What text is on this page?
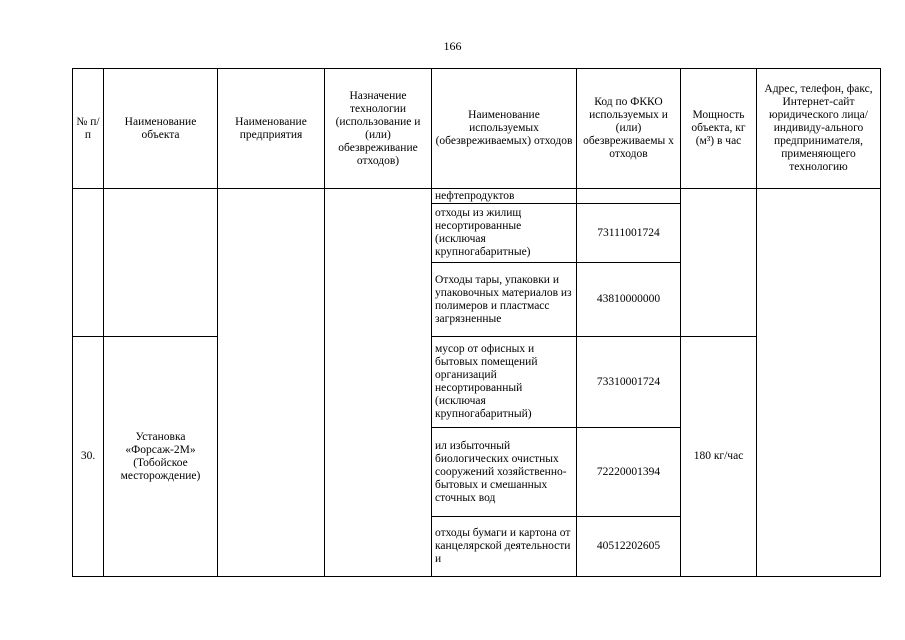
166
№ п/п	Наименование объекта	Наименование предприятия	Назначение технологии (использование и (или) обезвреживание отходов)	Наименование используемых (обезвреживаемых) отходов	Код по ФККО используемых и (или) обезвреживаемы х отходов	Мощность объекта, кг (м³) в час	Адрес, телефон, факс, Интернет-сайт юридического лица/индивиду-ального предпринимателя, применяющего технологию
				нефтепродуктов			
				отходы из жилищ несортированные (исключая крупногабаритные)	73111001724		
				Отходы тары, упаковки и упаковочных материалов из полимеров и пластмасс загрязненные	43810000000		
30.	Установка «Форсаж-2М» (Тобойское месторождение)			мусор от офисных и бытовых помещений организаций несортированный (исключая крупногабаритный)	73310001724	180 кг/час	
				ил избыточный биологических очистных сооружений хозяйственно-бытовых и смешанных сточных вод	72220001394		
				отходы бумаги и картона от канцелярской деятельности и	40512202605		
